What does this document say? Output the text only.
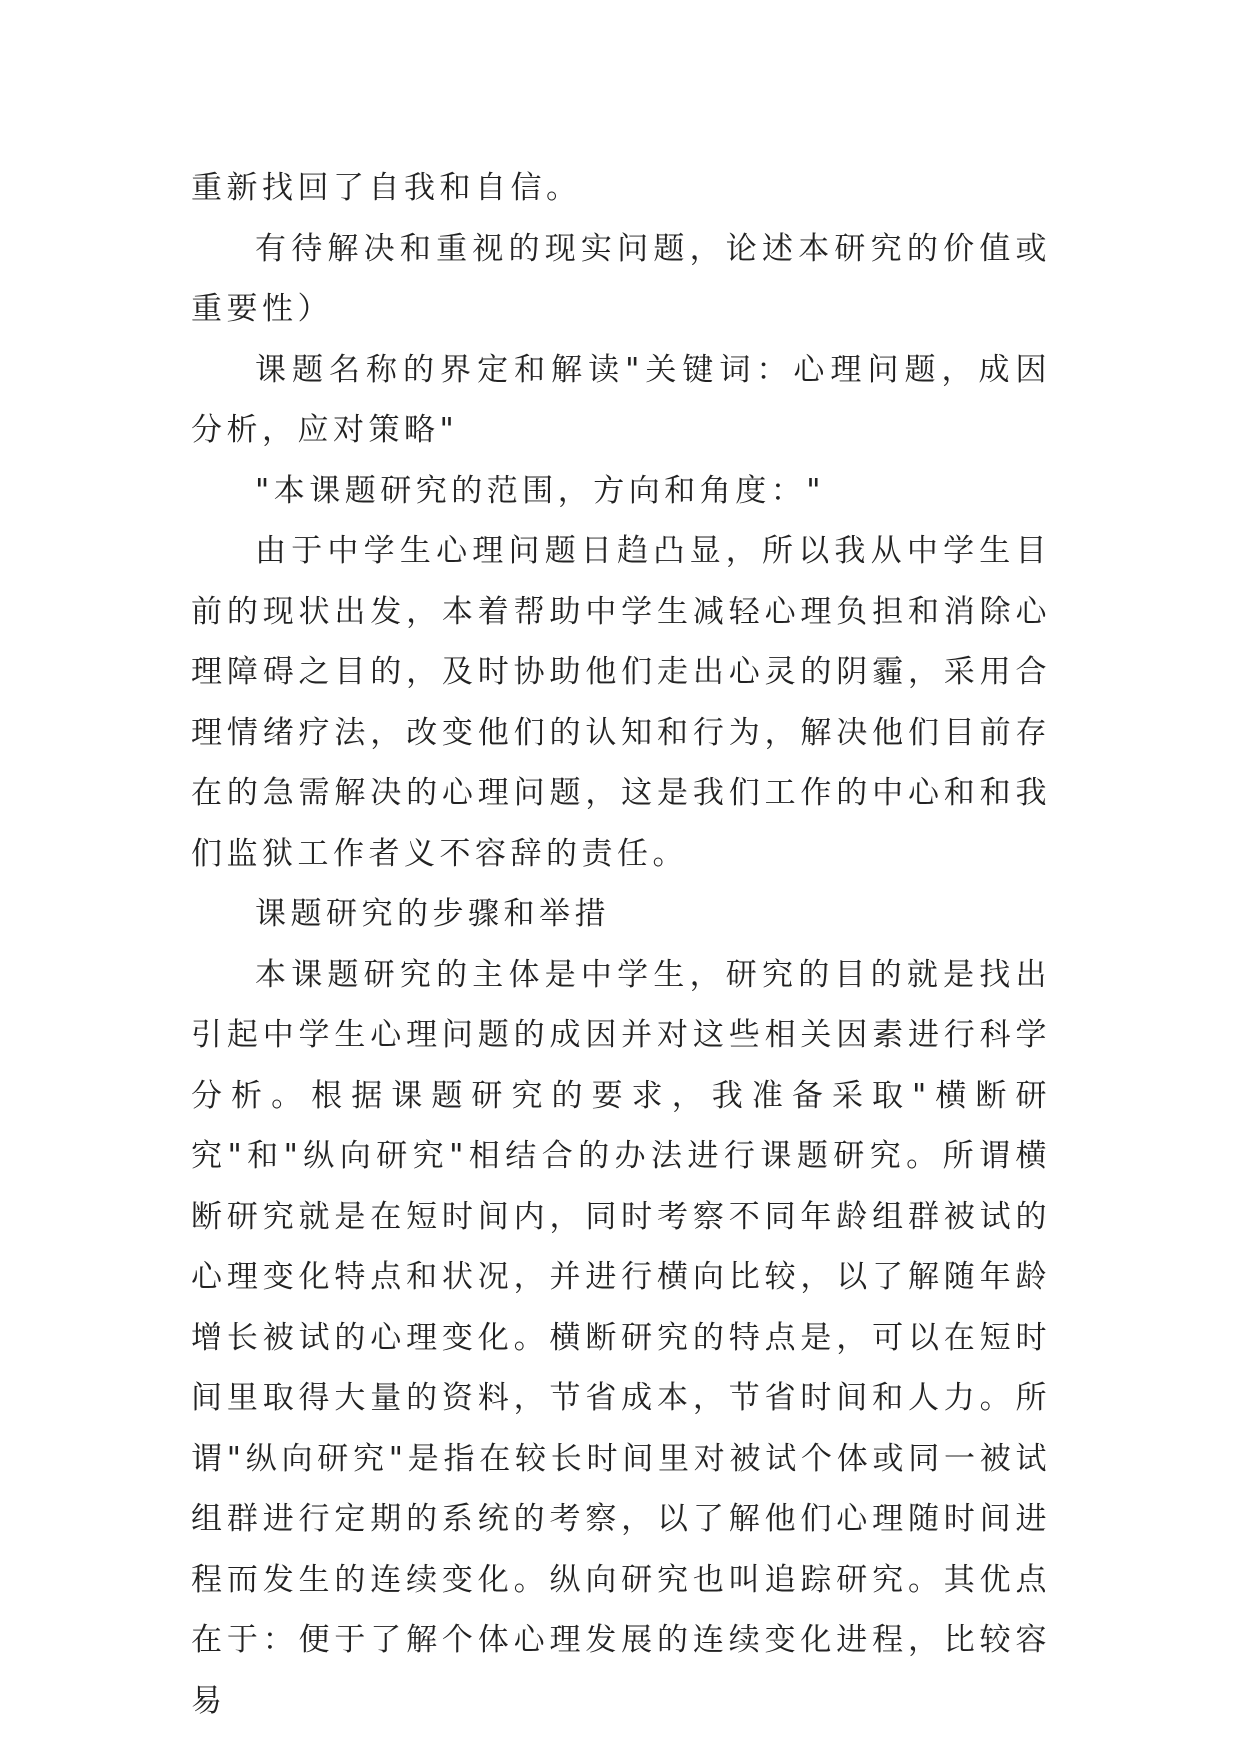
重新找回了自我和自信。

有待解决和重视的现实问题，论述本研究的价值或重要性）

课题名称的界定和解读"关键词：心理问题，成因分析，应对策略"

"本课题研究的范围，方向和角度："

由于中学生心理问题日趋凸显，所以我从中学生目前的现状出发，本着帮助中学生减轻心理负担和消除心理障碍之目的，及时协助他们走出心灵的阴霾，采用合理情绪疗法，改变他们的认知和行为，解决他们目前存在的急需解决的心理问题，这是我们工作的中心和和我们监狱工作者义不容辞的责任。

课题研究的步骤和举措

本课题研究的主体是中学生，研究的目的就是找出引起中学生心理问题的成因并对这些相关因素进行科学分析。根据课题研究的要求，我准备采取"横断研究"和"纵向研究"相结合的办法进行课题研究。所谓横断研究就是在短时间内，同时考察不同年龄组群被试的心理变化特点和状况，并进行横向比较，以了解随年龄增长被试的心理变化。横断研究的特点是，可以在短时间里取得大量的资料，节省成本，节省时间和人力。所谓"纵向研究"是指在较长时间里对被试个体或同一被试组群进行定期的系统的考察，以了解他们心理随时间进程而发生的连续变化。纵向研究也叫追踪研究。其优点在于：便于了解个体心理发展的连续变化进程，比较容易
